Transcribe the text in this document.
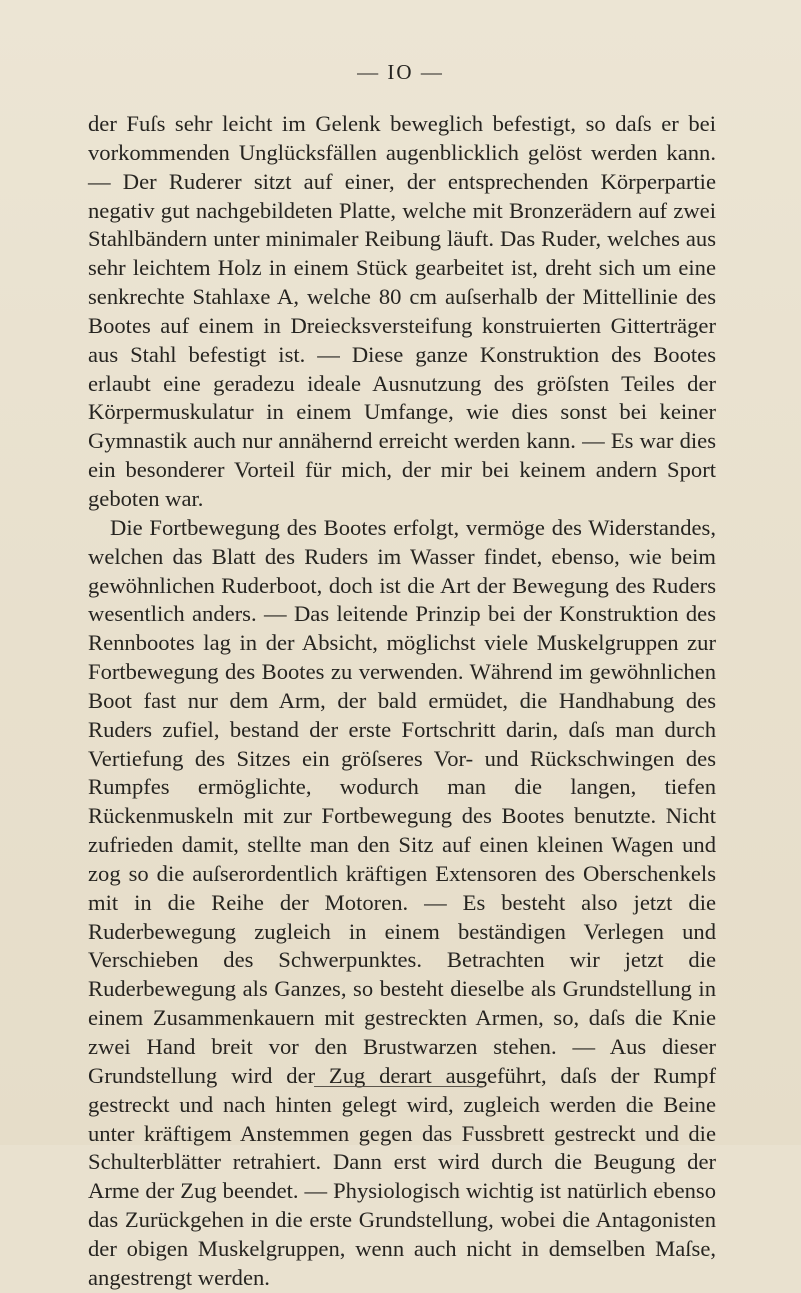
— IO —

der Fuſs sehr leicht im Gelenk beweglich befestigt, so daſs er bei vorkommenden Unglücksfällen augenblicklich gelöst werden kann. — Der Ruderer sitzt auf einer, der entsprechenden Körperpartie negativ gut nachgebildeten Platte, welche mit Bronzerädern auf zwei Stahlbändern unter minimaler Reibung läuft. Das Ruder, welches aus sehr leichtem Holz in einem Stück gearbeitet ist, dreht sich um eine senkrechte Stahlaxe A, welche 80 cm auſserhalb der Mittellinie des Bootes auf einem in Dreiecksversteifung konstruierten Gitterträger aus Stahl befestigt ist. — Diese ganze Konstruktion des Bootes erlaubt eine geradezu ideale Ausnutzung des gröſsten Teiles der Körpermuskulatur in einem Umfange, wie dies sonst bei keiner Gymnastik auch nur annähernd erreicht werden kann. — Es war dies ein besonderer Vorteil für mich, der mir bei keinem andern Sport geboten war.

Die Fortbewegung des Bootes erfolgt, vermöge des Widerstandes, welchen das Blatt des Ruders im Wasser findet, ebenso, wie beim gewöhnlichen Ruderboot, doch ist die Art der Bewegung des Ruders wesentlich anders. — Das leitende Prinzip bei der Konstruktion des Rennbootes lag in der Absicht, möglichst viele Muskelgruppen zur Fortbewegung des Bootes zu verwenden. Während im gewöhnlichen Boot fast nur dem Arm, der bald ermüdet, die Handhabung des Ruders zufiel, bestand der erste Fortschritt darin, daſs man durch Vertiefung des Sitzes ein gröſseres Vor- und Rückschwingen des Rumpfes ermöglichte, wodurch man die langen, tiefen Rückenmuskeln mit zur Fortbewegung des Bootes benutzte. Nicht zufrieden damit, stellte man den Sitz auf einen kleinen Wagen und zog so die auſserordentlich kräftigen Extensoren des Oberschenkels mit in die Reihe der Motoren. — Es besteht also jetzt die Ruderbewegung zugleich in einem beständigen Verlegen und Verschieben des Schwerpunktes. Betrachten wir jetzt die Ruderbewegung als Ganzes, so besteht dieselbe als Grundstellung in einem Zusammenkauern mit gestreckten Armen, so, daſs die Knie zwei Hand breit vor den Brustwarzen stehen. — Aus dieser Grundstellung wird der Zug derart ausgeführt, daſs der Rumpf gestreckt und nach hinten gelegt wird, zugleich werden die Beine unter kräftigem Anstemmen gegen das Fussbrett gestreckt und die Schulterblätter retrahiert. Dann erst wird durch die Beugung der Arme der Zug beendet. — Physiologisch wichtig ist natürlich ebenso das Zurückgehen in die erste Grundstellung, wobei die Antagonisten der obigen Muskelgruppen, wenn auch nicht in demselben Maſse, angestrengt werden.
